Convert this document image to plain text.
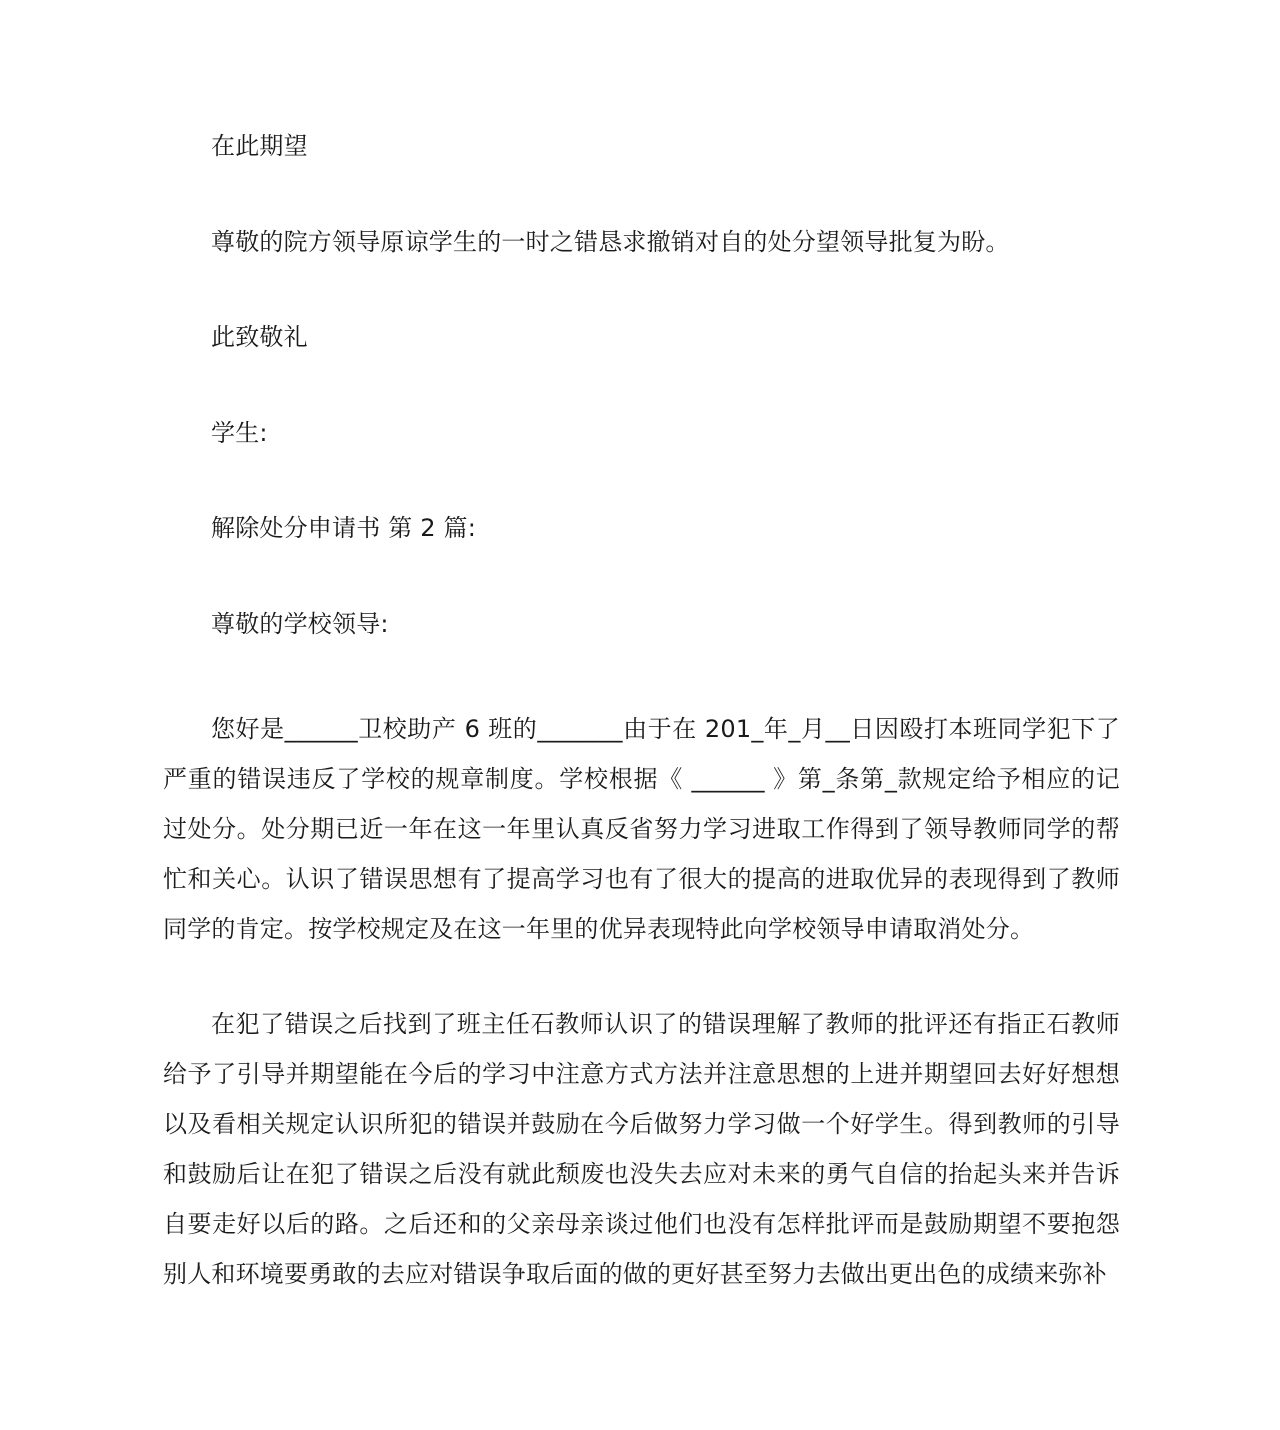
在此期望

尊敬的院方领导原谅学生的一时之错恳求撤销对自的处分望领导批复为盼。

此致敬礼

学生:

解除处分申请书 第 2 篇:

尊敬的学校领导:

您好是______卫校助产 6 班的_______由于在 201_年_月__日因殴打本班同学犯下了严重的错误违反了学校的规章制度。学校根据《 ______ 》第_条第_款规定给予相应的记过处分。处分期已近一年在这一年里认真反省努力学习进取工作得到了领导教师同学的帮忙和关心。认识了错误思想有了提高学习也有了很大的提高的进取优异的表现得到了教师同学的肯定。按学校规定及在这一年里的优异表现特此向学校领导申请取消处分。

在犯了错误之后找到了班主任石教师认识了的错误理解了教师的批评还有指正石教师给予了引导并期望能在今后的学习中注意方式方法并注意思想的上进并期望回去好好想想以及看相关规定认识所犯的错误并鼓励在今后做努力学习做一个好学生。得到教师的引导和鼓励后让在犯了错误之后没有就此颓废也没失去应对未来的勇气自信的抬起头来并告诉自要走好以后的路。之后还和的父亲母亲谈过他们也没有怎样批评而是鼓励期望不要抱怨别人和环境要勇敢的去应对错误争取后面的做的更好甚至努力去做出更出色的成绩来弥补
